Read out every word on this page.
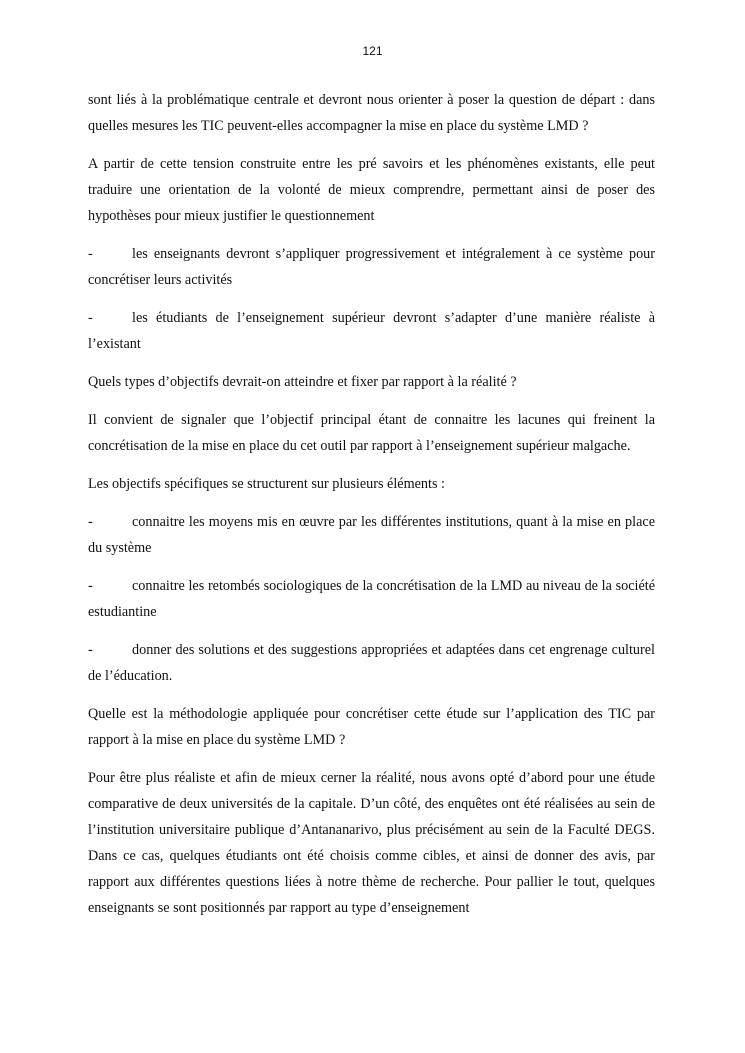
121

sont liés à la problématique centrale et devront nous orienter à poser la question de départ : dans quelles mesures les TIC peuvent-elles accompagner la mise en place du système LMD ?

A partir de cette tension construite entre les pré savoirs et les phénomènes existants, elle peut traduire une orientation de la volonté de mieux comprendre, permettant ainsi de poser des hypothèses pour mieux justifier le questionnement

-	les enseignants devront s’appliquer progressivement et intégralement à ce système pour concrétiser leurs activités

-	les étudiants de l’enseignement supérieur devront s’adapter d’une manière réaliste à l’existant

Quels types d’objectifs devrait-on atteindre et fixer par rapport à la réalité ?

Il convient de signaler que l’objectif principal étant de connaitre les lacunes qui freinent la concrétisation de la mise en place du cet outil par rapport à l’enseignement supérieur malgache.

Les objectifs spécifiques se structurent sur plusieurs éléments :

-	connaitre les moyens mis en œuvre par les différentes institutions, quant à la mise en place du système

-	connaitre les retombés sociologiques de la concrétisation de la LMD au niveau de la société estudiantine

-	donner des solutions et des suggestions appropriées et adaptées dans cet engrenage culturel de l’éducation.

Quelle est la méthodologie appliquée pour concrétiser cette étude sur l’application des TIC par rapport à la mise en place du système LMD ?

Pour être plus réaliste et afin de mieux cerner la réalité, nous avons opté d’abord pour une étude comparative de deux universités de la capitale. D’un côté, des enquêtes ont été réalisées au sein de l’institution universitaire publique d’Antananarivo, plus précisément au sein de la Faculté DEGS. Dans ce cas, quelques étudiants ont été choisis comme cibles, et ainsi de donner des avis, par rapport aux différentes questions liées à notre thème de recherche. Pour pallier le tout, quelques enseignants se sont positionnés par rapport au type d’enseignement
